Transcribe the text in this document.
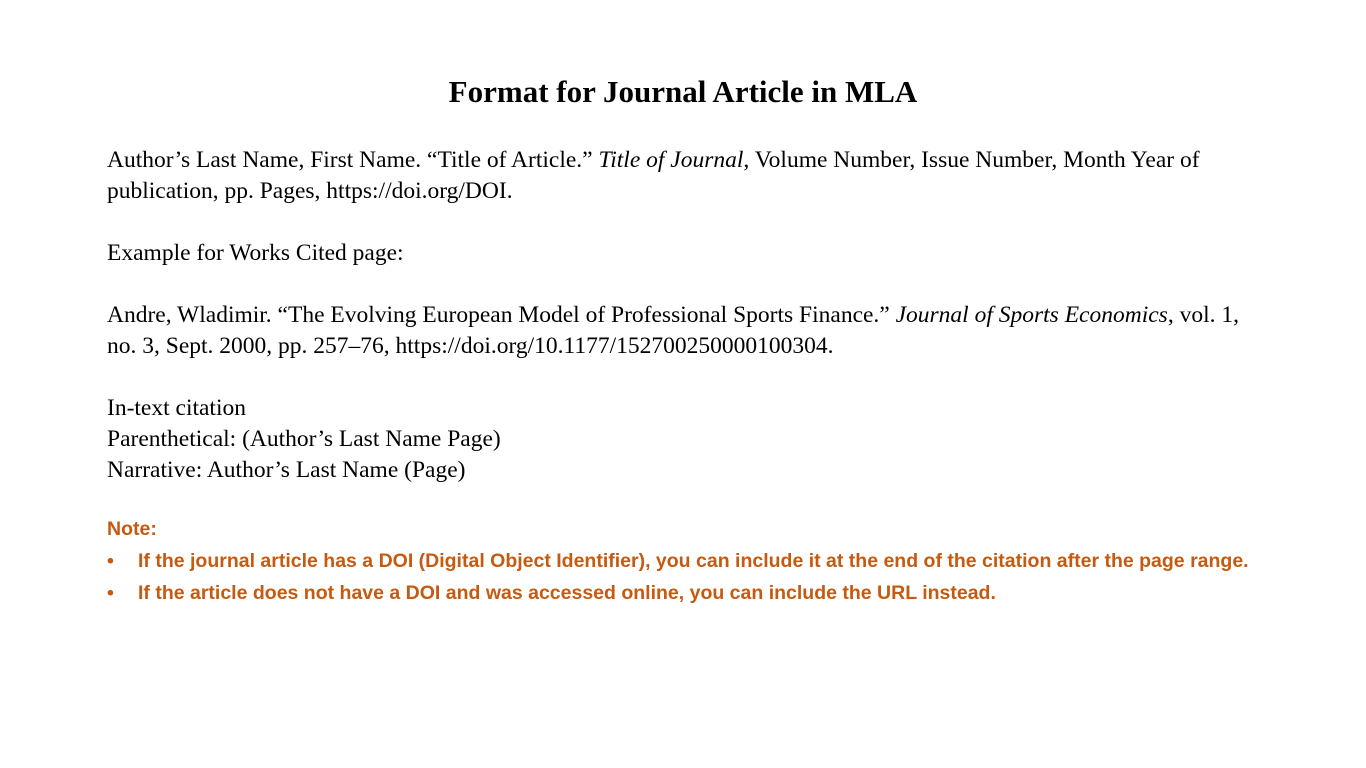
Format for Journal Article in MLA

Author’s Last Name, First Name. “Title of Article.” Title of Journal, Volume Number, Issue Number, Month Year of publication, pp. Pages, https://doi.org/DOI.

Example for Works Cited page:

Andre, Wladimir. “The Evolving European Model of Professional Sports Finance.” Journal of Sports Economics, vol. 1, no. 3, Sept. 2000, pp. 257–76, https://doi.org/10.1177/152700250000100304.

In-text citation

Parenthetical: (Author’s Last Name Page)

Narrative: Author’s Last Name (Page)

Note:
•	If the journal article has a DOI (Digital Object Identifier), you can include it at the end of the citation after the page range.
•	If the article does not have a DOI and was accessed online, you can include the URL instead.
